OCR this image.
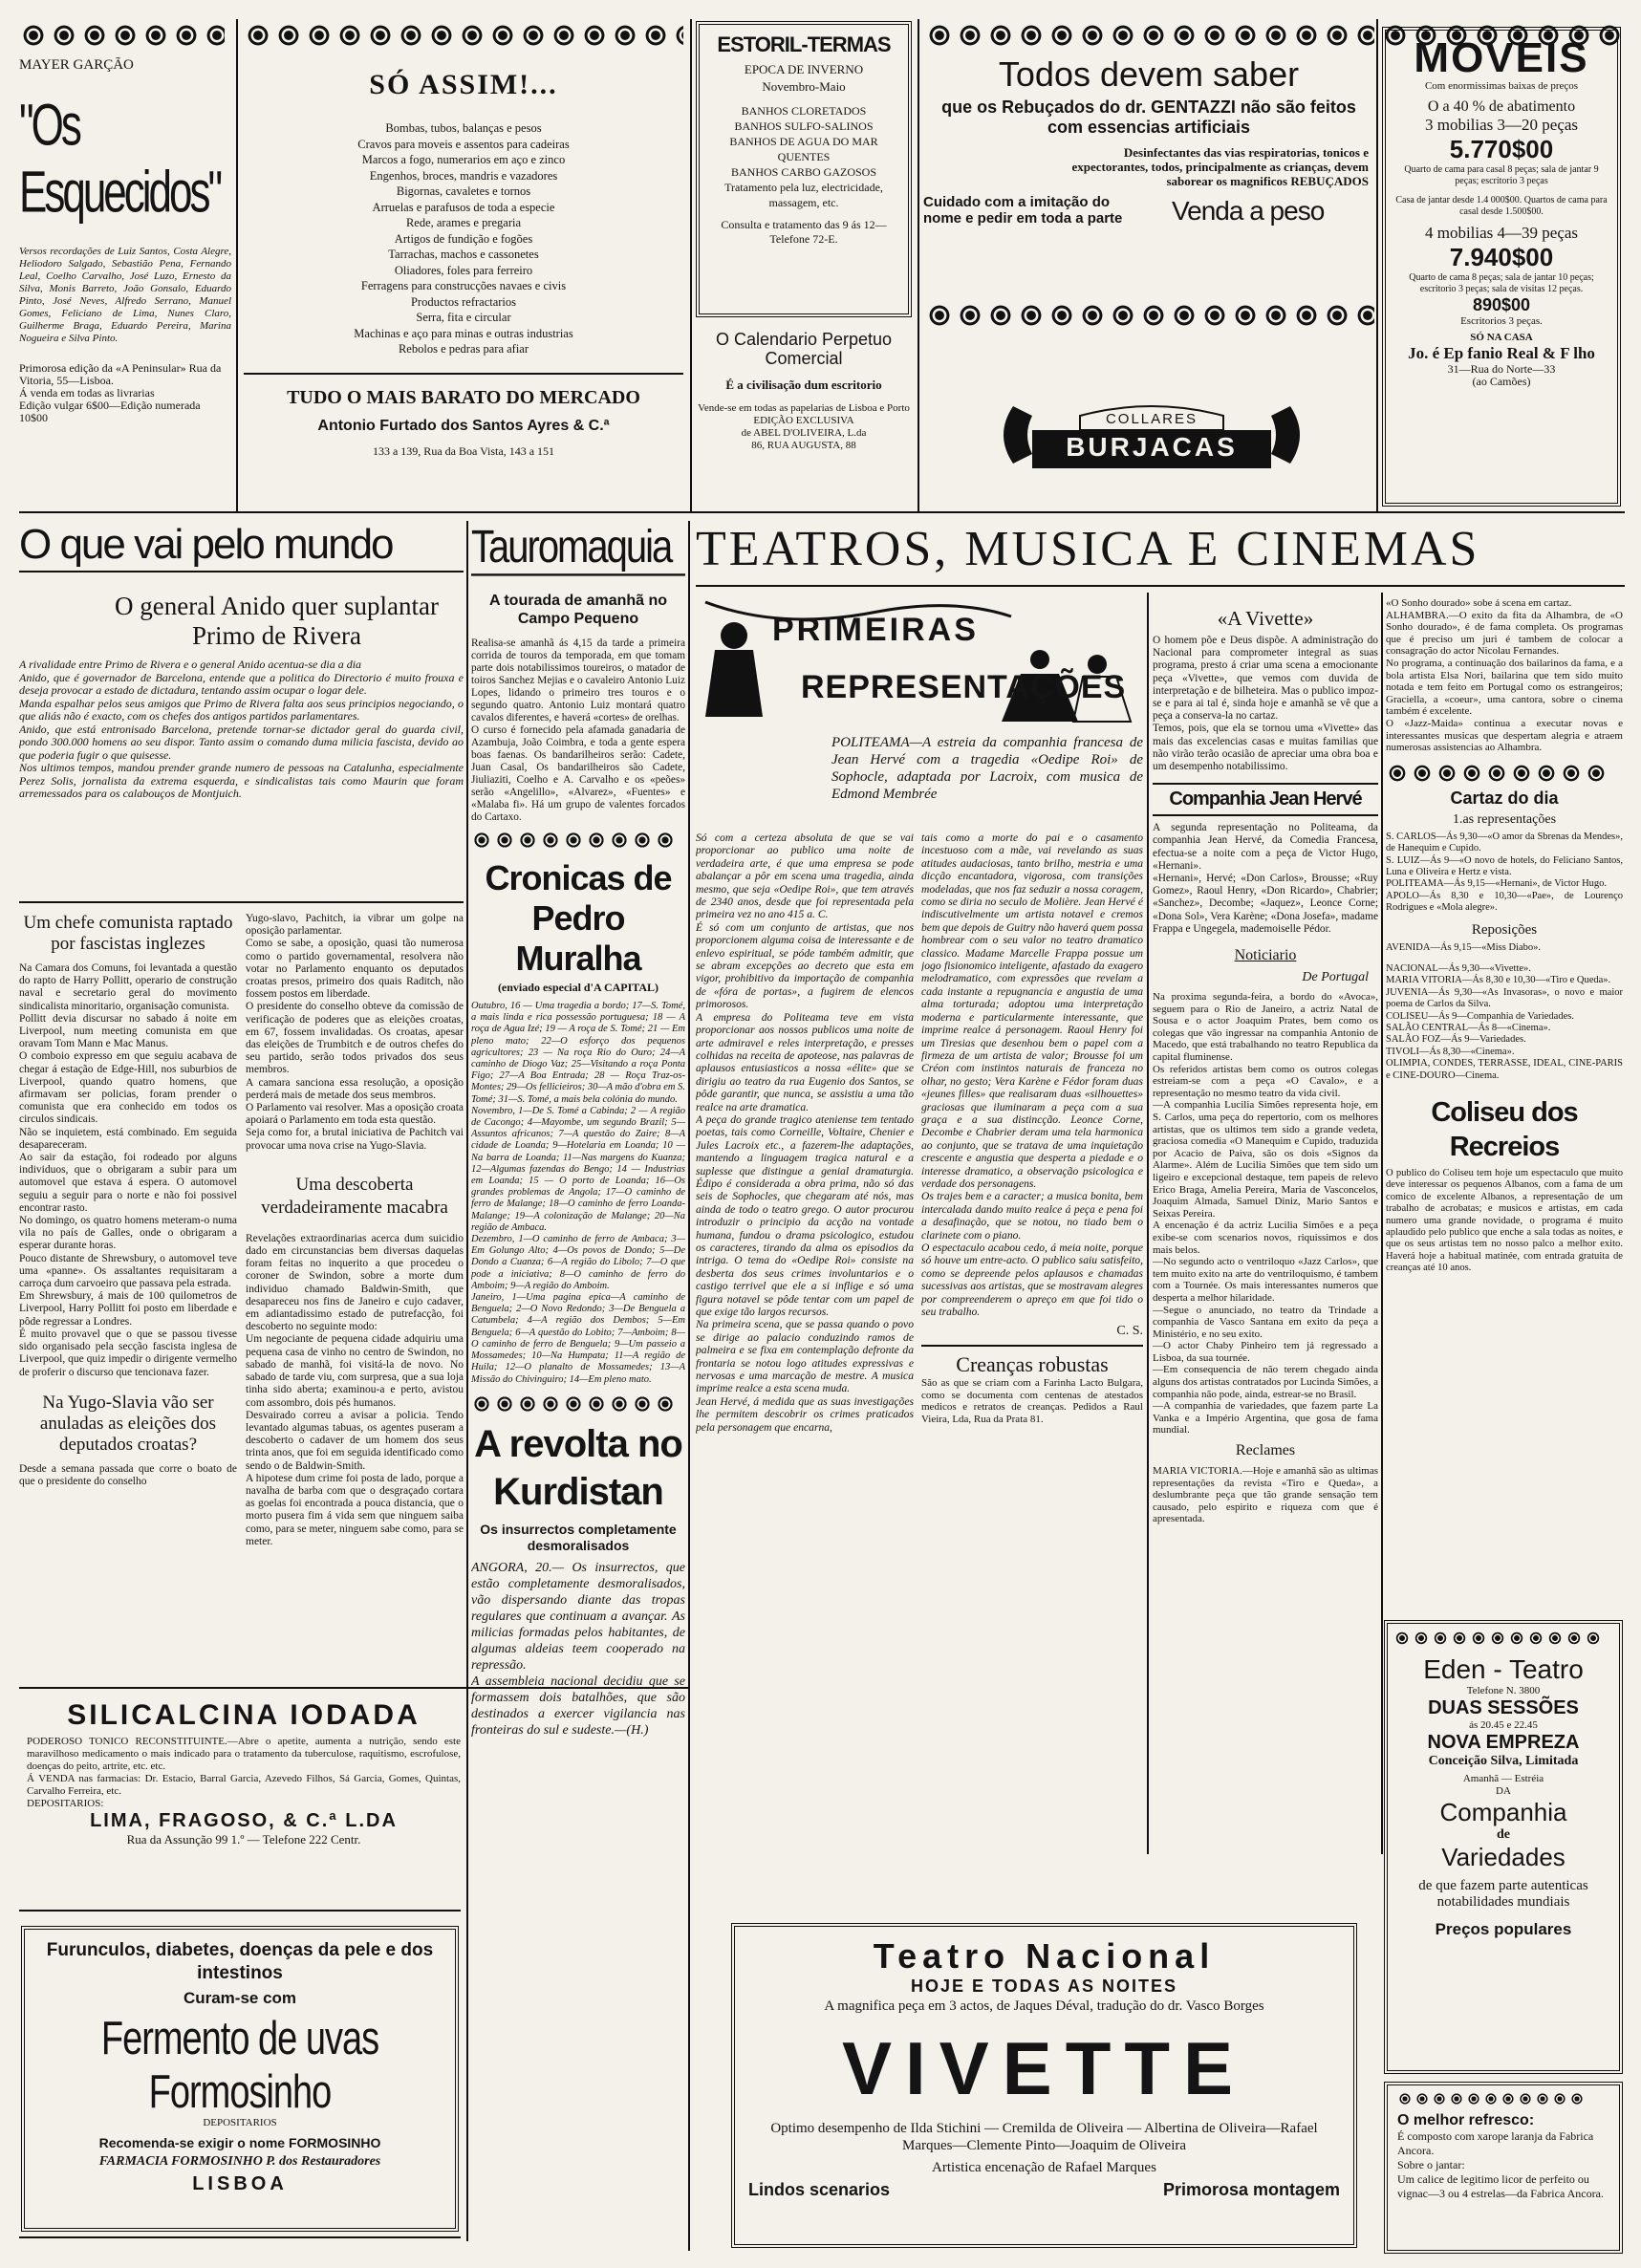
MAYER GARÇÃO
"Os Esquecidos"
Versos recordações de Luiz Santos, Costa Alegre, Heliodoro Salgado, Sebastião Pena, Fernando Leal, Coelho Carvalho, José Luzo, Ernesto da Silva, Monis Barreto, João Gonsalo, Eduardo Pinto, José Neves, Alfredo Serrano, Manuel Gomes, Feliciano de Lima, Nunes Claro, Guilherme Braga, Eduardo Pereira, Marina Nogueira e Silva Pinto.
Primorosa edição da «A Peninsular» Rua da Vitoria, 55—Lisboa.
Á venda em todas as livrarias
Edição vulgar 6$00—Edição numerada 10$00
SÓ ASSIM!...
Bombas, tubos, balanças e pesos
Cravos para moveis e assentos para cadeiras
Marcos a fogo, numerarios em aço e zinco
Engenhos, broces, mandris e vazadores
Bigornas, cavaletes e tornos
Arruelas e parafusos de toda a especie
Rede, arames e pregaria
Artigos de fundição e fogões
Tarrachas, machos e cassonetes
Oliadores, foles para ferreiro
Ferragens para construcções navaes e civis
Productos refractarios
Serra, fita e circular
Machinas e aço para minas e outras industrias
Rebolos e pedras para afiar
TUDO O MAIS BARATO DO MERCADO
Antonio Furtado dos Santos Ayres & C.ª
133 a 139, Rua da Boa Vista, 143 a 151
ESTORIL-TERMAS
EPOCA DE INVERNO
Novembro-Maio
BANHOS CLORETADOS
BANHOS SULFO-SALINOS
BANHOS DE AGUA DO MAR QUENTES
BANHOS CARBO GAZOSOS
Tratamento pela luz, electricidade, massagem, etc.
Consulta e tratamento das 9 ás 12—Telefone 72-E.
O Calendario Perpetuo Comercial
É a civilisação dum escritorio
Vende-se em todas as papelarias de Lisboa e Porto
EDIÇÃO EXCLUSIVA
de ABEL D'OLIVEIRA, L.da
86, RUA AUGUSTA, 88
Todos devem saber
que os Rebuçados do dr. GENTAZZI não são feitos com essencias artificiais
Desinfectantes das vias respiratorias, tonicos e expectorantes, todos, principalmente as crianças, devem saborear os magnificos REBUÇADOS
Cuidado com a imitação do nome e pedir em toda a parte	Venda a peso
COLLARES
BURJACAS
MOVEIS
Com enormissimas baixas de preços
O a 40 % de abatimento
3 mobilias 3—20 peças
5.770$00
Quarto de cama para casal 8 peças; sala de jantar 9 peças; escritorio 3 peças
Casa de jantar desde 1.4 000$00. Quartos de cama para casal desde 1.500$00.
4 mobilias 4—39 peças
7.940$00
Quarto de cama 8 peças; sala de jantar 10 peças; escritorio 3 peças; sala de visitas 12 peças.
890$00
Escritorios 3 peças.
SÓ NA CASA
Jo. é Ep fanio Real & F lho
31—Rua do Norte—33
(ao Camões)
O que vai pelo mundo
O general Anido quer suplantar Primo de Rivera
A rivalidade entre Primo de Rivera e o general Anido acentua-se dia a dia
Anido, que é governador de Barcelona, entende que a politica do Directorio é muito frouxa e deseja provocar a estado de dictadura, tentando assim ocupar o logar dele.
Manda espalhar pelos seus amigos que Primo de Rivera falta aos seus principios negociando, o que aliás não é exacto, com os chefes dos antigos partidos parlamentares.
Anido, que está entronisado Barcelona, pretende tornar-se dictador geral do guarda civil, pondo 300.000 homens ao seu dispor. Tanto assim o comando duma milicia fascista, devido ao que poderia fugir o que quisesse.
Nos ultimos tempos, mandou prender grande numero de pessoas na Catalunha, especialmente Perez Solis, jornalista da extrema esquerda, e sindicalistas tais como Maurin que foram arremessados para os calabouços de Montjuich.
Um chefe comunista raptado por fascistas inglezes
Na Camara dos Comuns, foi levantada a questão do rapto de Harry Pollitt, operario de construção naval e secretario geral do movimento sindicalista minoritario, organisação comunista.
Pollitt devia discursar no sabado á noite em Liverpool, num meeting comunista em que oravam Tom Mann e Mac Manus.
O comboio expresso em que seguiu acabava de chegar á estação de Edge-Hill, nos suburbios de Liverpool, quando quatro homens, que afirmavam ser policias, foram prender o comunista que era conhecido em todos os circulos sindicais.
Não se inquietem, está combinado. Em seguida desapareceram.
Ao sair da estação, foi rodeado por alguns individuos, que o obrigaram a subir para um automovel que estava á espera. O automovel seguiu a seguir para o norte e não foi possivel encontrar rasto.
No domingo, os quatro homens meteram-o numa vila no país de Galles, onde o obrigaram a esperar durante horas.
Pouco distante de Shrewsbury, o automovel teve uma «panne». Os assaltantes requisitaram a carroça dum carvoeiro que passava pela estrada.
Em Shrewsbury, á mais de 100 quilometros de Liverpool, Harry Pollitt foi posto em liberdade e pôde regressar a Londres.
É muito provavel que o que se passou tivesse sido organisado pela secção fascista inglesa de Liverpool, que quiz impedir o dirigente vermelho de proferir o discurso que tencionava fazer.
Na Yugo-Slavia vão ser anuladas as eleições dos deputados croatas?
Desde a semana passada que corre o boato de que o presidente do conselho
Yugo-slavo, Pachitch, ia vibrar um golpe na oposição parlamentar.
Como se sabe, a oposição, quasi tão numerosa como o partido governamental, resolvera não votar no Parlamento enquanto os deputados croatas presos, primeiro dos quais Raditch, não fossem postos em liberdade.
O presidente do conselho obteve da comissão de verificação de poderes que as eleições croatas, em 67, fossem invalidadas. Os croatas, apesar das eleições de Trumbitch e de outros chefes do seu partido, serão todos privados dos seus membros.
A camara sanciona essa resolução, a oposição perderá mais de metade dos seus membros.
O Parlamento vai resolver. Mas a oposição croata apoiará o Parlamento em toda esta questão.
Seja como for, a brutal iniciativa de Pachitch vai provocar uma nova crise na Yugo-Slavia.
Uma descoberta verdadeiramente macabra
Revelações extraordinarias acerca dum suicidio dado em circunstancias bem diversas daquelas foram feitas no inquerito a que procedeu o coroner de Swindon, sobre a morte dum individuo chamado Baldwin-Smith, que desapareceu nos fins de Janeiro e cujo cadaver, em adiantadissimo estado de putrefacção, foi descoberto no seguinte modo:
Um negociante de pequena cidade adquiriu uma pequena casa de vinho no centro de Swindon, no sabado de manhã, foi visitá-la de novo. No sabado de tarde viu, com surpresa, que a sua loja tinha sido aberta; examinou-a e perto, avistou com assombro, dois pés humanos.
Desvairado correu a avisar a policia. Tendo levantado algumas tabuas, os agentes puseram a descoberto o cadaver de um homem dos seus trinta anos, que foi em seguida identificado como sendo o de Baldwin-Smith.
A hipotese dum crime foi posta de lado, porque a navalha de barba com que o desgraçado cortara as goelas foi encontrada a pouca distancia, que o morto pusera fim á vida sem que ninguem saiba como, para se meter, ninguem sabe como, para se meter.
SILICALCINA IODADA
PODEROSO TONICO RECONSTITUINTE.—Abre o apetite, aumenta a nutrição, sendo este maravilhoso medicamento o mais indicado para o tratamento da tuberculose, raquitismo, escrofulose, doenças do peito, artrite, etc. etc.
Á VENDA nas farmacias: Dr. Estacio, Barral Garcia, Azevedo Filhos, Sá Garcia, Gomes, Quintas, Carvalho Ferreira, etc.
DEPOSITARIOS:
LIMA, FRAGOSO, & C.ª L.DA
Rua da Assunção 99 1.º — Telefone 222 Centr.
Furunculos, diabetes, doenças da pele e dos intestinos
Curam-se com
Fermento de uvas Formosinho
DEPOSITARIOS
Recomenda-se exigir o nome FORMOSINHO
FARMACIA FORMOSINHO P. dos Restauradores
LISBOA
Tauromaquia
A tourada de amanhã no Campo Pequeno
Realisa-se amanhã ás 4,15 da tarde a primeira corrida de touros da temporada, em que tomam parte dois notabilissimos toureiros, o matador de toiros Sanchez Mejias e o cavaleiro Antonio Luiz Lopes, lidando o primeiro tres touros e o segundo quatro. Antonio Luiz montará quatro cavalos diferentes, e haverá «cortes» de orelhas.
O curso é fornecido pela afamada ganadaria de Azambuja, João Coimbra, e toda a gente espera boas faenas. Os bandarilheiros serão: Cadete, Juan Casal, Os bandarilheiros são Cadete, Jiuliaziti, Coelho e A. Carvalho e os «peões» serão «Angelillo», «Alvarez», «Fuentes» e «Malaba fi». Há um grupo de valentes forcados do Cartaxo.
Cronicas de Pedro Muralha
(enviado especial d'A CAPITAL)
Outubro, 16 — Uma tragedia a bordo; 17—S. Tomé, a mais linda e rica possessão portuguesa; 18 — A roça de Agua Izé; 19 — A roça de S. Tomé; 21 — Em pleno mato; 22—O esforço dos pequenos agricultores; 23 — Na roça Rio do Ouro; 24—A caminho de Diogo Vaz; 25—Visitando a roça Ponta Figo; 27—A Boa Entrada; 28 — Roça Traz-os-Montes; 29—Os fellicieiros; 30—A mão d'obra em S. Tomé; 31—S. Tomé, a mais bela colónia do mundo.
Novembro, 1—De S. Tomé a Cabinda; 2 — A região de Cacongo; 4—Mayombe, um segundo Brazil; 5—Assuntos africanos; 7—A questão do Zaire; 8—A cidade de Loanda; 9—Hotelaria em Loanda; 10 — Na barra de Loanda; 11—Nas margens do Kuanza; 12—Algumas fazendas do Bengo; 14 — Industrias em Loanda; 15 — O porto de Loanda; 16—Os grandes problemas de Angola; 17—O caminho de ferro de Malange; 18—O caminho de ferro Loanda-Malange; 19—A colonização de Malange; 20—Na região de Ambaca.
Dezembro, 1—O caminho de ferro de Ambaca; 3—Em Golungo Alto; 4—Os povos de Dondo; 5—De Dondo a Cuanza; 6—A região do Libolo; 7—O que pode a iniciativa; 8—O caminho de ferro do Amboim; 9—A região do Amboim.
Janeiro, 1—Uma pagina epica—A caminho de Benguela; 2—O Novo Redondo; 3—De Benguela a Catumbela; 4—A região dos Dembos; 5—Em Benguela; 6—A questão do Lobito; 7—Amboim; 8—O caminho de ferro de Benguela; 9—Um passeio a Mossamedes; 10—Na Humpata; 11—A região de Huila; 12—O planalto de Mossamedes; 13—A Missão do Chivinguiro; 14—Em pleno mato.
A revolta no Kurdistan
Os insurrectos completamente desmoralisados
ANGORA, 20.— Os insurrectos, que estão completamente desmoralisados, vão dispersando diante das tropas regulares que continuam a avançar. As milicias formadas pelos habitantes, de algumas aldeias teem cooperado na repressão.
A assembleia nacional decidiu que se formassem dois batalhões, que são destinados a exercer vigilancia nas fronteiras do sul e sudeste.—(H.)
TEATROS, MUSICA E CINEMAS
PRIMEIRAS
REPRESENTAÇÕES
POLITEAMA—A estreia da companhia francesa de Jean Hervé com a tragedia «Oedipe Roi» de Sophocle, adaptada por Lacroix, com musica de Edmond Membrée
Só com a certeza absoluta de que se vai proporcionar ao publico uma noite de verdadeira arte, é que uma empresa se pode abalançar a pôr em scena uma tragedia, ainda mesmo, que seja «Oedipe Roi», que tem através de 2340 anos, desde que foi representada pela primeira vez no ano 415 a. C.
É só com um conjunto de artistas, que nos proporcionem alguma coisa de interessante e de enlevo espiritual, se póde também admitir, que se abram excepções ao decreto que esta em vigor, prohibitivo da importação de companhia de «fóra de portas», a fugirem de elencos primorosos.
A empresa do Politeama teve em vista proporcionar aos nossos publicos uma noite de arte admiravel e reles interpretação, e presses colhidas na receita de apoteose, nas palavras de aplausos entusiasticos a nossa «élite» que se dirigiu ao teatro da rua Eugenio dos Santos, se pôde garantir, que nunca, se assistiu a uma tão realce na arte dramatica.
A peça do grande tragico ateniense tem tentado poetas, tais como Corneille, Voltaire, Chenier e Jules Lacroix etc., a fazerem-lhe adaptações, mantendo a linguagem tragica natural e a suplesse que distingue a genial dramaturgia. Édipo é considerada a obra prima, não só das seis de Sophocles, que chegaram até nós, mas ainda de todo o teatro grego. O autor procurou introduzir o principio da acção na vontade humana, fundou o drama psicologico, estudou os caracteres, tirando da alma os episodios da intriga. O tema do «Oedipe Roi» consiste na desberta dos seus crimes involuntarios e o castigo terrivel que ele a si inflige e só uma figura notavel se pôde tentar com um papel de que exige tão largos recursos.
Na primeira scena, que se passa quando o povo se dirige ao palacio conduzindo ramos de palmeira e se fixa em contemplação defronte da frontaria se notou logo atitudes expressivas e nervosas e uma marcação de mestre. A musica imprime realce a esta scena muda.
Jean Hervé, á medida que as suas investigações lhe permitem descobrir os crimes praticados pela personagem que encarna,
tais como a morte do pai e o casamento incestuoso com a mãe, vai revelando as suas atitudes audaciosas, tanto brilho, mestria e uma dicção encantadora, vigorosa, com transições modeladas, que nos faz seduzir a nossa coragem, como se diria no seculo de Molière. Jean Hervé é indiscutivelmente um artista notavel e cremos bem que depois de Guitry não haverá quem possa hombrear com o seu valor no teatro dramatico classico. Madame Marcelle Frappa possue um jogo fisionomico inteligente, afastado da exagero melodramatico, com expressões que revelam a cada instante a repugnancia e angustia de uma alma torturada; adoptou uma interpretação moderna e particularmente interessante, que imprime realce á personagem. Raoul Henry foi um Tiresias que desenhou bem o papel com a firmeza de um artista de valor; Brousse foi um Créon com instintos naturais de franceza no olhar, no gesto; Vera Karène e Fédor foram duas «jeunes filles» que realisaram duas «silhouettes» graciosas que iluminaram a peça com a sua graça e a sua distincção. Leonce Corne, Decombe e Chabrier deram uma tela harmonica ao conjunto, que se tratava de uma inquietação crescente e angustia que desperta a piedade e o interesse dramatico, a observação psicologica e verdade dos personagens.
Os trajes bem e a caracter; a musica bonita, bem intercalada dando muito realce á peça e pena foi a desafinação, que se notou, no tiado bem o clarinete com o piano.
O espectaculo acabou cedo, á meia noite, porque só houve um entre-acto. O publico saiu satisfeito, como se depreende pelos aplausos e chamadas sucessivas aos artistas, que se mostravam alegres por compreenderem o apreço em que foi tido o seu trabalho.
C. S.
Creanças robustas
São as que se criam com a Farinha Lacto Bulgara, como se documenta com centenas de atestados medicos e retratos de creanças. Pedidos a Raul Vieira, Lda, Rua da Prata 81.
«A Vivette»
O homem põe e Deus dispõe. A administração do Nacional para comprometer integral as suas programa, presto á criar uma scena a emocionante peça «Vivette», que vemos com duvida de interpretação e de bilheteira. Mas o publico impoz-se e para ai tal é, sinda hoje e amanhã se vê que a peça a conserva-la no cartaz.
Temos, pois, que ela se tornou uma «Vivette» das mais das excelencias casas e muitas familias que não virão terão ocasião de apreciar uma obra boa e um desempenho notabilissimo.
Companhia Jean Hervé
A segunda representação no Politeama, da companhia Jean Hervé, da Comedia Francesa, efectua-se a noite com a peça de Victor Hugo, «Hernani».
«Hernani», Hervé; «Don Carlos», Brousse; «Ruy Gomez», Raoul Henry, «Don Ricardo», Chabrier; «Sanchez», Decombe; «Jaquez», Leonce Corne; «Dona Sol», Vera Karène; «Dona Josefa», madame Frappa e Ungegela, mademoiselle Pédor.
Noticiario
De Portugal
Na proxima segunda-feira, a bordo do «Avoca», seguem para o Rio de Janeiro, a actriz Natal de Sousa e o actor Joaquim Prates, bem como os colegas que vão ingressar na companhia Antonio de Macedo, que está trabalhando no teatro Republica da capital fluminense.
Os referidos artistas bem como os outros colegas estreiam-se com a peça «O Cavalo», e a representação no mesmo teatro da vida civil.
—A companhia Lucilia Simões representa hoje, em S. Carlos, uma peça do repertorio, com os melhores artistas, que os ultimos tem sido a grande vedeta, graciosa comedia «O Manequim e Cupido, traduzida por Acacio de Paiva, são os dois «Signos da Alarme». Além de Lucilia Simões que tem sido um ligeiro e excepcional destaque, tem papeis de relevo Erico Braga, Amelia Pereira, Maria de Vasconcelos, Joaquim Almada, Samuel Diniz, Mario Santos e Seixas Pereira.
A encenação é da actriz Lucilia Simões e a peça exibe-se com scenarios novos, riquissimos e dos mais belos.
—No segundo acto o ventriloquo «Jazz Carlos», que tem muito exito na arte do ventriloquismo, é tambem com a Tournée. Os mais interessantes numeros que desperta a melhor hilaridade.
—Segue o anunciado, no teatro da Trindade a companhia de Vasco Santana em exito da peça a Ministério, e no seu exito.
—O actor Chaby Pinheiro tem já regressado a Lisboa, da sua tournée.
—Em consequencia de não terem chegado ainda alguns dos artistas contratados por Lucinda Simões, a companhia não pode, ainda, estrear-se no Brasil.
—A companhia de variedades, que fazem parte La Vanka e a Império Argentina, que gosa de fama mundial.
Reclames
MARIA VICTORIA.—Hoje e amanhã são as ultimas representações da revista «Tiro e Queda», a deslumbrante peça que tão grande sensação tem causado, pelo espirito e riqueza com que é apresentada.
«O Sonho dourado» sobe á scena em cartaz.
ALHAMBRA.—O exito da fita da Alhambra, de «O Sonho dourado», é de fama completa. Os programas que é preciso um juri é tambem de colocar a consagração do actor Nicolau Fernandes.
No programa, a continuação dos bailarinos da fama, e a bola artista Elsa Nori, bailarina que tem sido muito notada e tem feito em Portugal como os estrangeiros; Graciella, a «coeur», uma cantora, sobre o cinema também é excelente.
O «Jazz-Maida» continua a executar novas e interessantes musicas que despertam alegria e atraem numerosas assistencias ao Alhambra.
Cartaz do dia
1.as representações
S. CARLOS—Ás 9,30—«O amor da Sbrenas da Mendes», de Hanequim e Cupido.
S. LUIZ—Ás 9—«O novo de hotels, do Feliciano Santos, Luna e Oliveira e Hertz e vista.
POLITEAMA—Ás 9,15—«Hernani», de Victor Hugo.
APOLO—Ás 8,30 e 10,30—«Pae», de Lourenço Rodrigues e «Mola alegre».
Reposições
AVENIDA—Ás 9,15—«Miss Diabo».
NACIONAL—Ás 9,30—«Vivette».
MARIA VITORIA—Ás 8,30 e 10,30—«Tiro e Queda».
JUVENIA—Ás 9,30—«As Invasoras», o novo e maior poema de Carlos da Silva.
COLISEU—Ás 9—Companhia de Variedades.
SALÃO CENTRAL—Ás 8—«Cinema».
SALÃO FOZ—Ás 9—Variedades.
TIVOLI—Ás 8,30—«Cinema».
OLIMPIA, CONDES, TERRASSE, IDEAL, CINE-PARIS e CINE-DOURO—Cinema.
Coliseu dos Recreios
O publico do Coliseu tem hoje um espectaculo que muito deve interessar os pequenos Albanos, com a fama de um comico de excelente Albanos, a representação de um trabalho de acrobatas; e musicos e artistas, em cada numero uma grande novidade, o programa é muito aplaudido pelo publico que enche a sala todas as noites, e que os seus artistas tem no nosso palco a melhor exito. Haverá hoje a habitual matinée, com entrada gratuita de creanças até 10 anos.
Eden - Teatro
Telefone N. 3800
DUAS SESSÕES
ás 20.45 e 22.45
NOVA EMPREZA
Conceição Silva, Limitada
Amanhã — Estréia
DA
Companhia
de
Variedades
de que fazem parte autenticas notabilidades mundiais
Preços populares
O melhor refresco:
É composto com xarope laranja da Fabrica Ancora.
Sobre o jantar:
Um calice de legitimo licor de perfeito ou vignac—3 ou 4 estrelas—da Fabrica Ancora.
Teatro Nacional
HOJE E TODAS AS NOITES
A magnifica peça em 3 actos, de Jaques Déval, tradução do dr. Vasco Borges
VIVETTE
Optimo desempenho de Ilda Stichini — Cremilda de Oliveira — Albertina de Oliveira—Rafael Marques—Clemente Pinto—Joaquim de Oliveira
Artistica encenação de Rafael Marques
Lindos scenarios	Primorosa montagem
